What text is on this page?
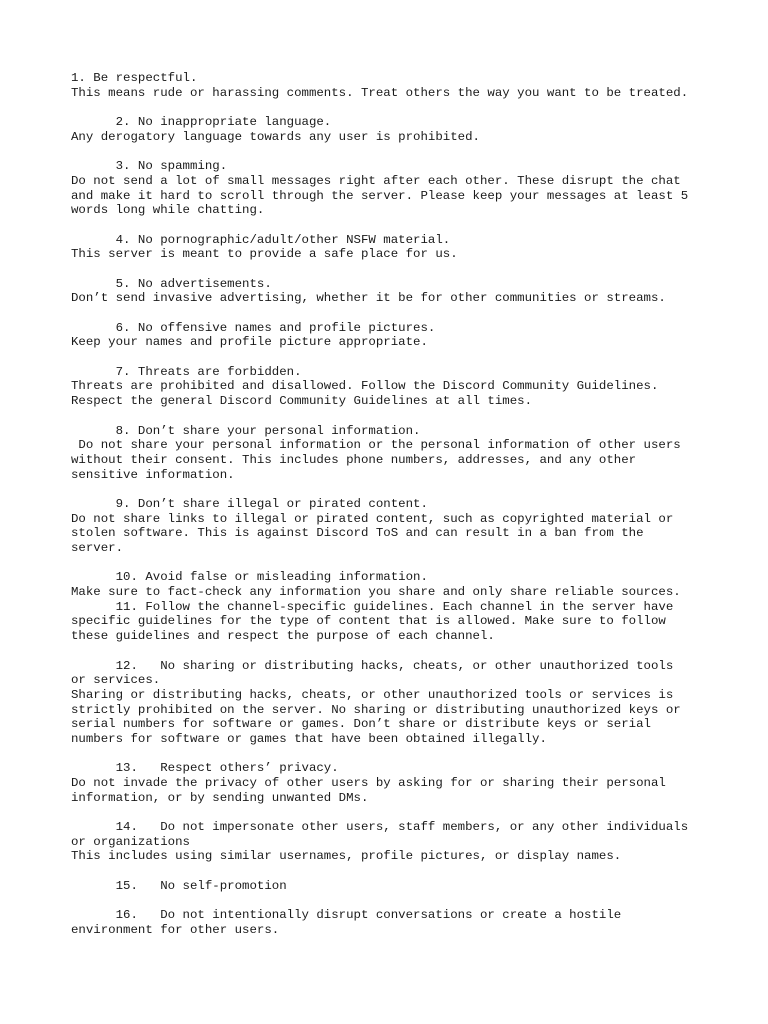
1. Be respectful.
This means rude or harassing comments. Treat others the way you want to be treated.
2. No inappropriate language.
Any derogatory language towards any user is prohibited.
3. No spamming.
Do not send a lot of small messages right after each other. These disrupt the chat
and make it hard to scroll through the server. Please keep your messages at least 5
words long while chatting.
4. No pornographic/adult/other NSFW material.
This server is meant to provide a safe place for us.
5. No advertisements.
Don’t send invasive advertising, whether it be for other communities or streams.
6. No offensive names and profile pictures.
Keep your names and profile picture appropriate.
7. Threats are forbidden.
Threats are prohibited and disallowed. Follow the Discord Community Guidelines.
Respect the general Discord Community Guidelines at all times.
8. Don’t share your personal information.
Do not share your personal information or the personal information of other users
without their consent. This includes phone numbers, addresses, and any other
sensitive information.
9. Don’t share illegal or pirated content.
Do not share links to illegal or pirated content, such as copyrighted material or
stolen software. This is against Discord ToS and can result in a ban from the
server.
10. Avoid false or misleading information.
Make sure to fact-check any information you share and only share reliable sources.
11. Follow the channel-specific guidelines. Each channel in the server have
specific guidelines for the type of content that is allowed. Make sure to follow
these guidelines and respect the purpose of each channel.
12.   No sharing or distributing hacks, cheats, or other unauthorized tools
or services.
Sharing or distributing hacks, cheats, or other unauthorized tools or services is
strictly prohibited on the server. No sharing or distributing unauthorized keys or
serial numbers for software or games. Don’t share or distribute keys or serial
numbers for software or games that have been obtained illegally.
13.   Respect others’ privacy.
Do not invade the privacy of other users by asking for or sharing their personal
information, or by sending unwanted DMs.
14.   Do not impersonate other users, staff members, or any other individuals
or organizations
This includes using similar usernames, profile pictures, or display names.
15.   No self-promotion
16.   Do not intentionally disrupt conversations or create a hostile
environment for other users.
